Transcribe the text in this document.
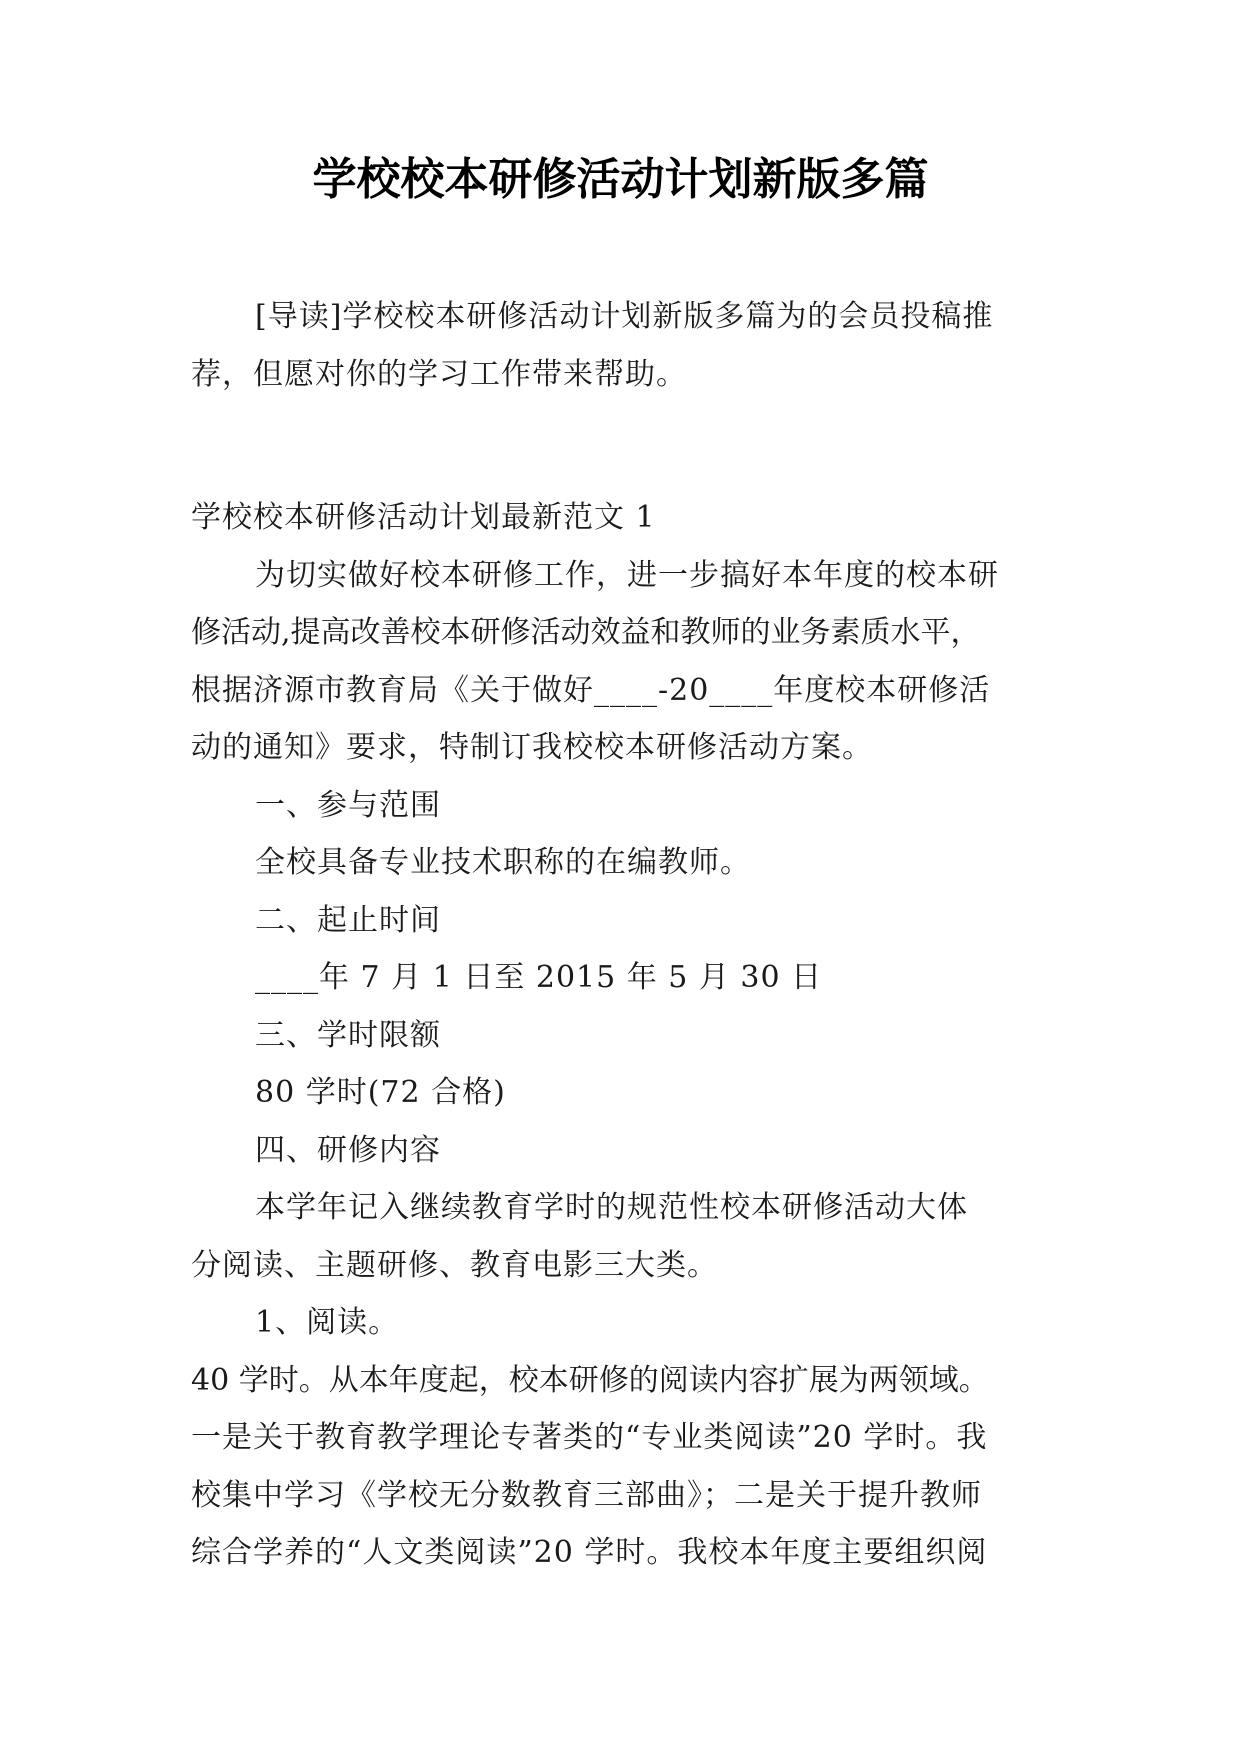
学校校本研修活动计划新版多篇

[导读]学校校本研修活动计划新版多篇为的会员投稿推

荐，但愿对你的学习工作带来帮助。

学校校本研修活动计划最新范文 1

为切实做好校本研修工作，进一步搞好本年度的校本研

修活动,提高改善校本研修活动效益和教师的业务素质水平，

根据济源市教育局《关于做好____-20____年度校本研修活

动的通知》要求，特制订我校校本研修活动方案。

一、参与范围

全校具备专业技术职称的在编教师。

二、起止时间

____年 7 月 1 日至 2015 年 5 月 30 日

三、学时限额

80 学时(72 合格)

四、研修内容

本学年记入继续教育学时的规范性校本研修活动大体

分阅读、主题研修、教育电影三大类。

1、阅读。

40 学时。从本年度起，校本研修的阅读内容扩展为两领域。

一是关于教育教学理论专著类的“专业类阅读”20 学时。我

校集中学习《学校无分数教育三部曲》；二是关于提升教师

综合学养的“人文类阅读”20 学时。我校本年度主要组织阅
